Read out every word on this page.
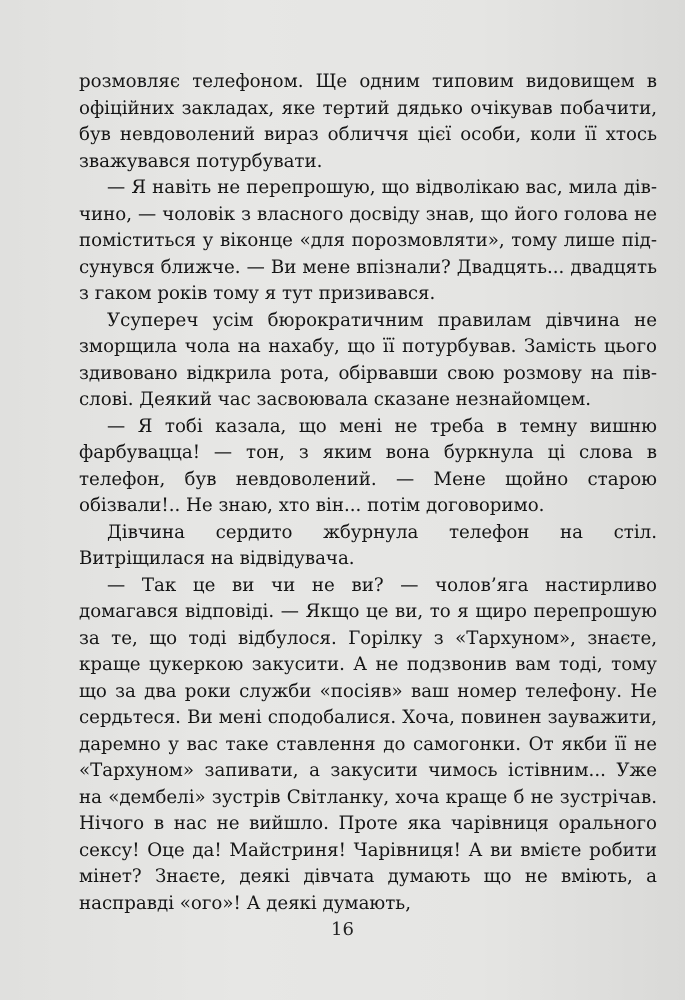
розмовляє телефоном. Ще одним типовим видовищем в офіційних закладах, яке тертий дядько очікував побачити, був невдоволений вираз обличчя цієї особи, коли її хтось зважувався потурбувати.

— Я навіть не перепрошую, що відволікаю вас, мила дівчино, — чоловік з власного досвіду знав, що його голова не поміститься у віконце «для порозмовляти», тому лише підсунувся ближче. — Ви мене впізнали? Двадцять... двадцять з гаком років тому я тут призивався.

Усупереч усім бюрократичним правилам дівчина не зморщила чола на нахабу, що її потурбував. Замість цього здивовано відкрила рота, обірвавши свою розмову на півслові. Деякий час засвоювала сказане незнайомцем.

— Я тобі казала, що мені не треба в темну вишню фарбувацца! — тон, з яким вона буркнула ці слова в телефон, був невдоволений. — Мене щойно старою обізвали!.. Не знаю, хто він... потім договоримо.

Дівчина сердито жбурнула телефон на стіл. Витріщилася на відвідувача.

— Так це ви чи не ви? — чолов’яга настирливо домагався відповіді. — Якщо це ви, то я щиро перепрошую за те, що тоді відбулося. Горілку з «Тархуном», знаєте, краще цукеркою закусити. А не подзвонив вам тоді, тому що за два роки служби «посіяв» ваш номер телефону. Не сердьтеся. Ви мені сподобалися. Хоча, повинен зауважити, даремно у вас таке ставлення до самогонки. От якби її не «Тархуном» запивати, а закусити чимось істівним... Уже на «дембелі» зустрів Світланку, хоча краще б не зустрічав. Нічого в нас не вийшло. Проте яка чарівниця орального сексу! Оце да! Майстриня! Чарівниця! А ви вмієте робити мінет? Знаєте, деякі дівчата думають що не вміють, а насправді «ого»! А деякі думають,

16
